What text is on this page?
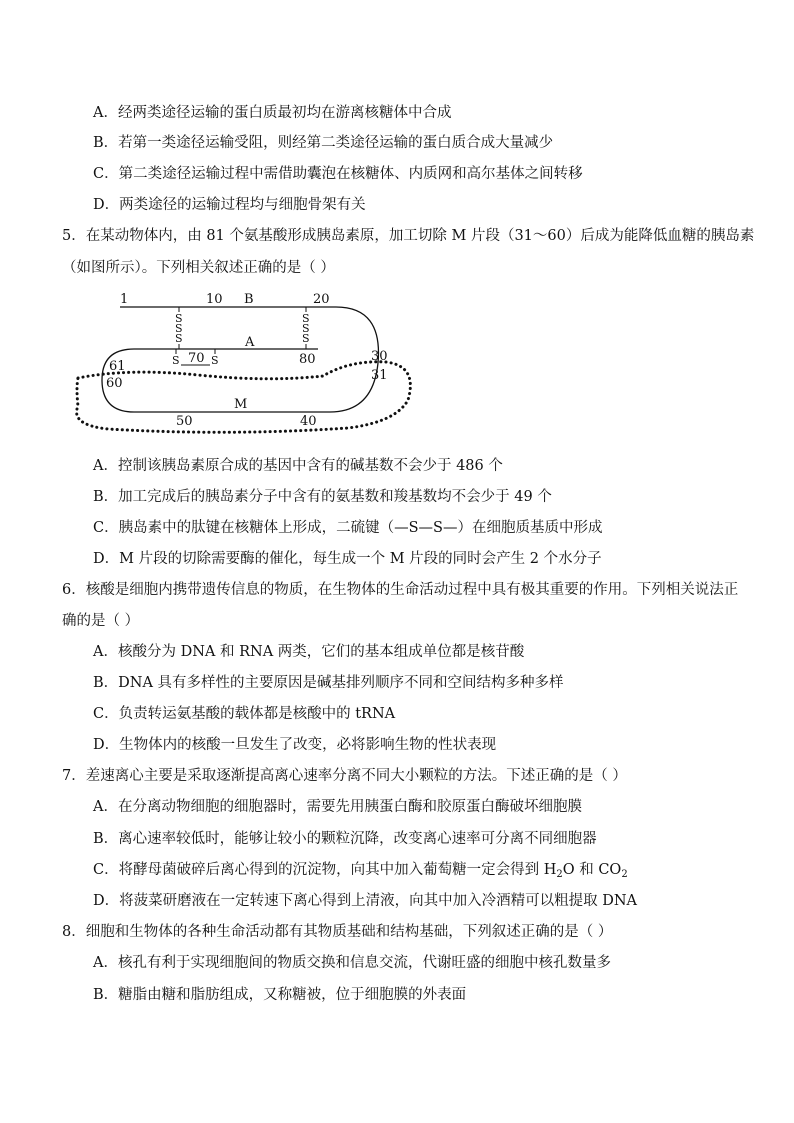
A．经两类途径运输的蛋白质最初均在游离核糖体中合成
B．若第一类途径运输受阻，则经第二类途径运输的蛋白质合成大量减少
C．第二类途径运输过程中需借助囊泡在核糖体、内质网和高尔基体之间转移
D．两类途径的运输过程均与细胞骨架有关
5．在某动物体内，由 81 个氨基酸形成胰岛素原，加工切除 M 片段（31～60）后成为能降低血糖的胰岛素
（如图所示）。下列相关叙述正确的是（ ）
1	10 B	20
S
S
S
S
S
S
A
S 70 S	80
61
60
30
31
M
50	40
A．控制该胰岛素原合成的基因中含有的碱基数不会少于 486 个
B．加工完成后的胰岛素分子中含有的氨基数和羧基数均不会少于 49 个
C．胰岛素中的肽键在核糖体上形成，二硫键（—S—S—）在细胞质基质中形成
D．M 片段的切除需要酶的催化，每生成一个 M 片段的同时会产生 2 个水分子
6．核酸是细胞内携带遗传信息的物质，在生物体的生命活动过程中具有极其重要的作用。下列相关说法正
确的是（ ）
A．核酸分为 DNA 和 RNA 两类，它们的基本组成单位都是核苷酸
B．DNA 具有多样性的主要原因是碱基排列顺序不同和空间结构多种多样
C．负责转运氨基酸的载体都是核酸中的 tRNA
D．生物体内的核酸一旦发生了改变，必将影响生物的性状表现
7．差速离心主要是采取逐渐提高离心速率分离不同大小颗粒的方法。下述正确的是（ ）
A．在分离动物细胞的细胞器时，需要先用胰蛋白酶和胶原蛋白酶破坏细胞膜
B．离心速率较低时，能够让较小的颗粒沉降，改变离心速率可分离不同细胞器
C．将酵母菌破碎后离心得到的沉淀物，向其中加入葡萄糖一定会得到 $H_2O$ 和 $CO_2$
D．将菠菜研磨液在一定转速下离心得到上清液，向其中加入冷酒精可以粗提取 DNA
8．细胞和生物体的各种生命活动都有其物质基础和结构基础，下列叙述正确的是（ ）
A．核孔有利于实现细胞间的物质交换和信息交流，代谢旺盛的细胞中核孔数量多
B．糖脂由糖和脂肪组成，又称糖被，位于细胞膜的外表面
